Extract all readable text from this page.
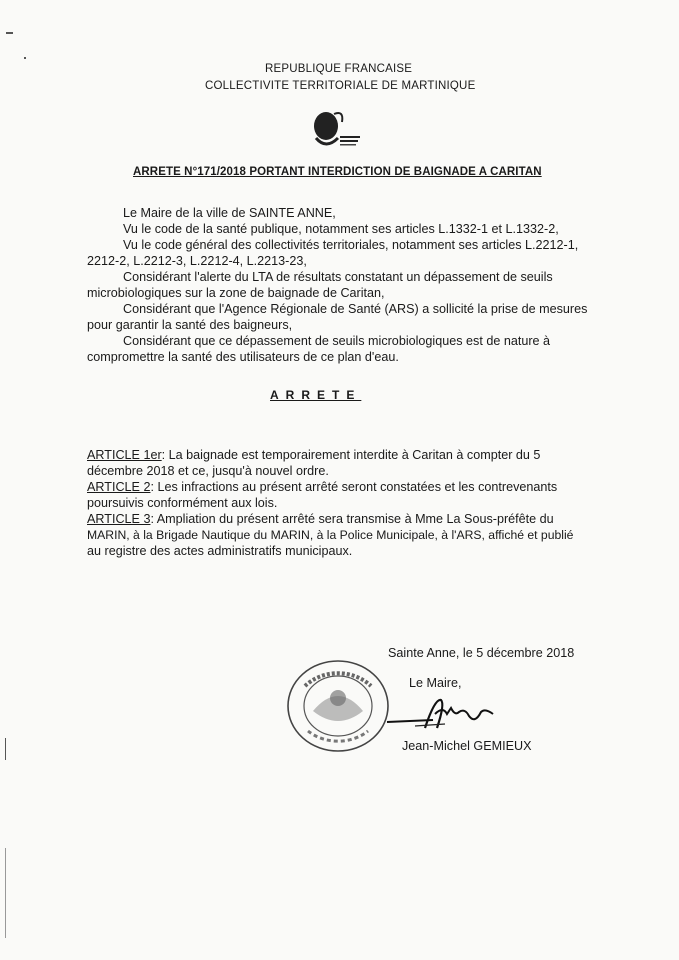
REPUBLIQUE FRANCAISE
COLLECTIVITE TERRITORIALE DE MARTINIQUE
ARRETE N°171/2018 PORTANT INTERDICTION DE BAIGNADE A CARITAN
Le Maire de la ville de SAINTE ANNE,
Vu le code de la santé publique, notamment ses articles L.1332-1 et L.1332-2,
Vu le code général des collectivités territoriales, notamment ses articles L.2212-1,
2212-2, L.2212-3, L.2212-4, L.2213-23,
Considérant l'alerte du LTA de résultats constatant un dépassement de seuils
microbiologiques sur la zone de baignade de Caritan,
Considérant que l'Agence Régionale de Santé (ARS) a sollicité la prise de mesures
pour garantir la santé des baigneurs,
Considérant que ce dépassement de seuils microbiologiques est de nature à
compromettre la santé des utilisateurs de ce plan d'eau.
ARRETE
ARTICLE 1er: La baignade est temporairement interdite à Caritan à compter du 5
décembre 2018 et ce, jusqu'à nouvel ordre.
ARTICLE 2: Les infractions au présent arrêté seront constatées et les contrevenants
poursuivis conformément aux lois.
ARTICLE 3: Ampliation du présent arrêté sera transmise à Mme La Sous-préfête du
MARIN, à la Brigade Nautique du MARIN, à la Police Municipale, à l'ARS, affiché et publié
au registre des actes administratifs municipaux.
Sainte Anne, le 5 décembre 2018
Le Maire,
Jean-Michel GEMIEUX
